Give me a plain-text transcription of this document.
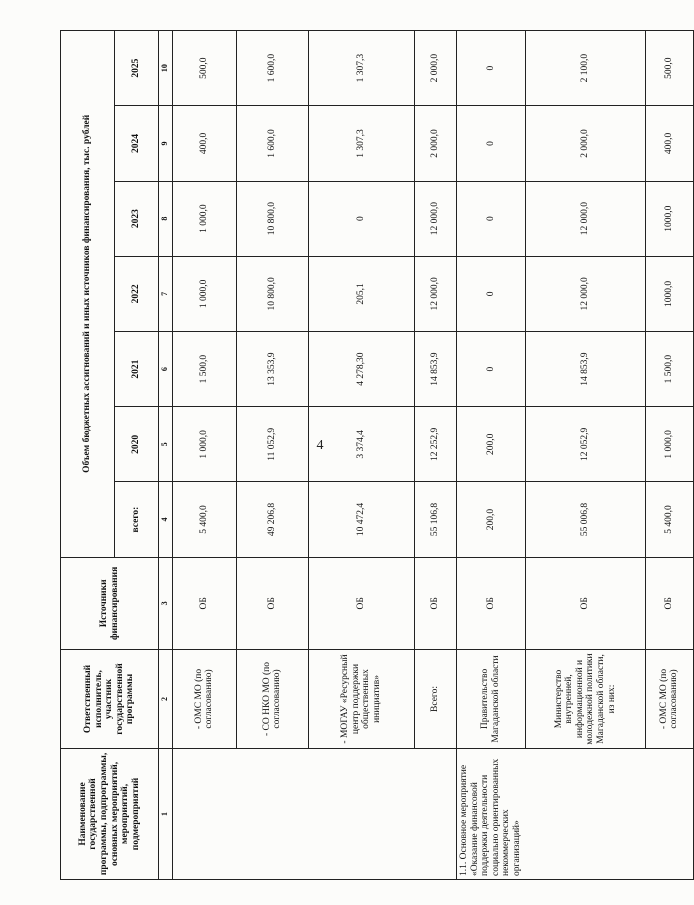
4
Наименование государственной программы, подпрограммы, основных мероприятий, мероприятий, подмероприятий	Ответственный исполнитель, участник государственной программы	Источники финансирования	Объем бюджетных ассигнований и иных источников финансирования, тыс. рублей						
			всего:	2020	2021	2022	2023	2024	2025
1	2	3	4	5	6	7	8	9	10
	- ОМС МО (по согласованию)	ОБ	5 400,0	1 000,0	1 500,0	1 000,0	1 000,0	400,0	500,0
	- СО НКО МО (по согласованию)	ОБ	49 206,8	11 052,9	13 353,9	10 800,0	10 800,0	1 600,0	1 600,0
	- МОГАУ «Ресурсный центр поддержки общественных инициатив»	ОБ	10 472,4	3 374,4	4 278,30	205,1	0	1 307,3	1 307,3
	Всего:	ОБ	55 106,8	12 252,9	14 853,9	12 000,0	12 000,0	2 000,0	2 000,0
1.1. Основное мероприятие «Оказание финансовой поддержки деятельности социально ориентированных некоммерческих организаций»	Правительство Магаданской области	ОБ	200,0	200,0	0	0	0	0	0
	Министерство внутренней, информационной и молодежной политики Магаданской области, из них:	ОБ	55 006,8	12 052,9	14 853,9	12 000,0	12 000,0	2 000,0	2 100,0
	- ОМС МО (по согласованию)	ОБ	5 400,0	1 000,0	1 500,0	1000,0	1000,0	400,0	500,0
